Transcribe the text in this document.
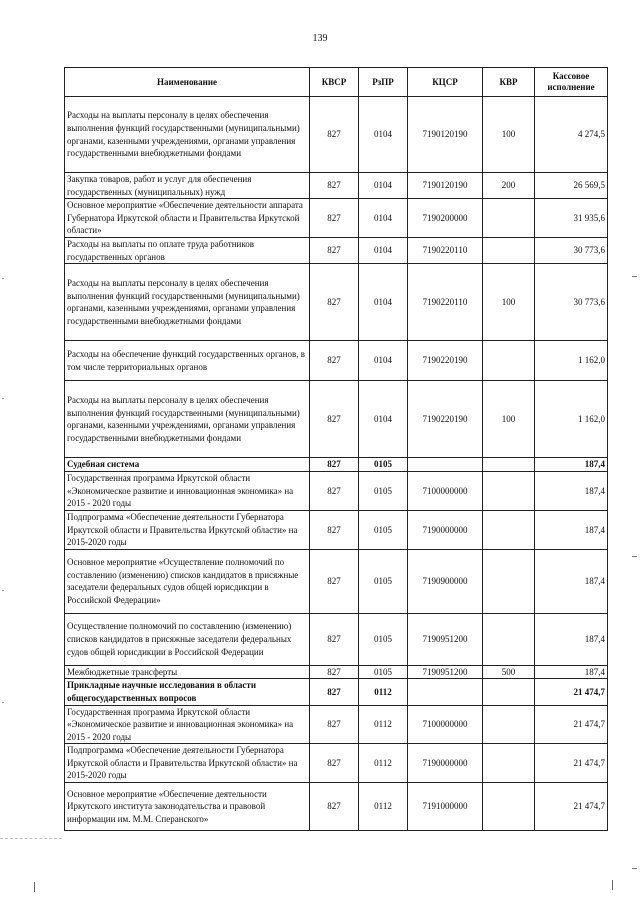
139
Наименование	КВСР	РзПР	КЦСР	КВР	Кассовое исполнение
Расходы на выплаты персоналу в целях обеспечения выполнения функций государственными (муниципальными) органами, казенными учреждениями, органами управления государственными внебюджетными фондами	827	0104	7190120190	100	4 274,5
Закупка товаров, работ и услуг для обеспечения государственных (муниципальных) нужд	827	0104	7190120190	200	26 569,5
Основное мероприятие «Обеспечение деятельности аппарата Губернатора Иркутской области и Правительства Иркутской области»	827	0104	7190200000		31 935,6
Расходы на выплаты по оплате труда работников государственных органов	827	0104	7190220110		30 773,6
Расходы на выплаты персоналу в целях обеспечения выполнения функций государственными (муниципальными) органами, казенными учреждениями, органами управления государственными внебюджетными фондами	827	0104	7190220110	100	30 773,6
Расходы на обеспечение функций государственных органов, в том числе территориальных органов	827	0104	7190220190		1 162,0
Расходы на выплаты персоналу в целях обеспечения выполнения функций государственными (муниципальными) органами, казенными учреждениями, органами управления государственными внебюджетными фондами	827	0104	7190220190	100	1 162,0
Судебная система	827	0105			187,4
Государственная программа Иркутской области «Экономическое развитие и инновационная экономика» на 2015 - 2020 годы	827	0105	7100000000		187,4
Подпрограмма «Обеспечение деятельности Губернатора Иркутской области и Правительства Иркутской области» на 2015-2020 годы	827	0105	7190000000		187,4
Основное мероприятие «Осуществление полномочий по составлению (изменению) списков кандидатов в присяжные заседатели федеральных судов общей юрисдикции в Российской Федерации»	827	0105	7190900000		187,4
Осуществление полномочий по составлению (изменению) списков кандидатов в присяжные заседатели федеральных судов общей юрисдикции в Российской Федерации	827	0105	7190951200		187,4
Межбюджетные трансферты	827	0105	7190951200	500	187,4
Прикладные научные исследования в области общегосударственных вопросов	827	0112			21 474,7
Государственная программа Иркутской области «Экономическое развитие и инновационная экономика» на 2015 - 2020 годы	827	0112	7100000000		21 474,7
Подпрограмма «Обеспечение деятельности Губернатора Иркутской области и Правительства Иркутской области» на 2015-2020 годы	827	0112	7190000000		21 474,7
Основное мероприятие «Обеспечение деятельности Иркутского института законодательства и правовой информации им. М.М. Сперанского»	827	0112	7191000000		21 474,7
